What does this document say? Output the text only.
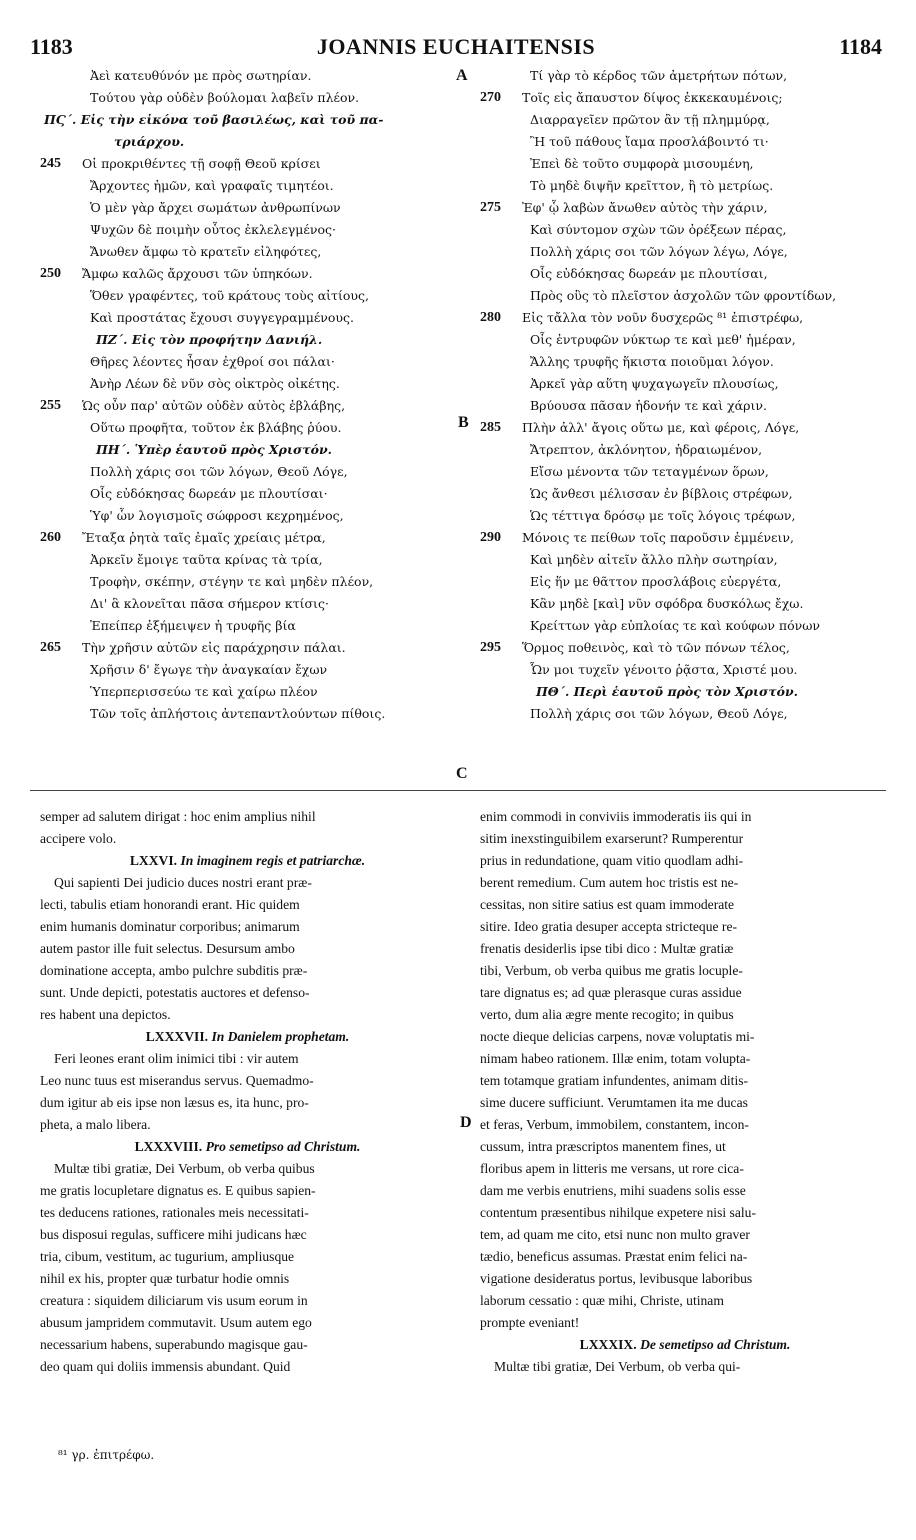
1183	JOANNIS EUCHAITENSIS	1184
Ἀεὶ κατευθύνόν με πρὸς σωτηρίαν.
Τούτου γὰρ οὐδὲν βούλομαι λαβεῖν πλέον.
ΠϚ΄. Εἰς τὴν εἰκόνα τοῦ βασιλέως, καὶ τοῦ πα-
τριάρχου.
245	Οἱ προκριθέντες τῇ σοφῇ Θεοῦ κρίσει
Ἄρχοντες ἡμῶν, καὶ γραφαῖς τιμητέοι.
Ὁ μὲν γὰρ ἄρχει σωμάτων ἀνθρωπίνων
Ψυχῶν δὲ ποιμὴν οὗτος ἐκλελεγμένος·
Ἄνωθεν ἄμφω τὸ κρατεῖν εἰληφότες,
250	Ἄμφω καλῶς ἄρχουσι τῶν ὑπηκόων.
Ὅθεν γραφέντες, τοῦ κράτους τοὺς αἰτίους,
Καὶ προστάτας ἔχουσι συγγεγραμμένους.
ΠΖ΄. Εἰς τὸν προφήτην Δανιήλ.
Θῆρες λέοντες ἦσαν ἐχθροί σοι πάλαι·
Ἀνὴρ Λέων δὲ νῦν σὸς οἰκτρὸς οἰκέτης.
255	Ὡς οὖν παρ' αὐτῶν οὐδὲν αὐτὸς ἐβλάβης,
Οὕτω προφῆτα, τοῦτον ἐκ βλάβης ῥύου.
ΠΗ΄. Ὑπὲρ ἑαυτοῦ πρὸς Χριστόν.
Πολλὴ χάρις σοι τῶν λόγων, Θεοῦ Λόγε,
Οἷς εὐδόκησας δωρεάν με πλουτίσαι·
Ὑφ' ὧν λογισμοῖς σώφροσι κεχρημένος,
260	Ἔταξα ῥητὰ ταῖς ἐμαῖς χρείαις μέτρα,
Ἀρκεῖν ἔμοιγε ταῦτα κρίνας τὰ τρία,
Τροφὴν, σκέπην, στέγην τε καὶ μηδὲν πλέον,
Δι' ἃ κλονεῖται πᾶσα σήμερον κτίσις·
Ἐπείπερ ἐξήμειψεν ἡ τρυφῆς βία
265	Τὴν χρῆσιν αὐτῶν εἰς παράχρησιν πάλαι.
Χρῆσιν δ' ἔγωγε τὴν ἀναγκαίαν ἔχων
Ὑπερπερισσεύω τε καὶ χαίρω πλέον
Τῶν τοῖς ἀπλήστοις ἀντεπαντλούντων πίθοις.
Τί γὰρ τὸ κέρδος τῶν ἀμετρήτων πότων,
270	Τοῖς εἰς ἄπαυστον δίψος ἐκκεκαυμένοις;
Διαρραγεῖεν πρῶτον ἂν τῇ πλημμύρᾳ,
Ἢ τοῦ πάθους ἴαμα προσλάβοιντό τι·
Ἐπεὶ δὲ τοῦτο συμφορὰ μισουμένη,
Τὸ μηδὲ διψῆν κρεῖττον, ἢ τὸ μετρίως.
275	Ἐφ' ᾧ λαβὼν ἄνωθεν αὐτὸς τὴν χάριν,
Καὶ σύντομον σχὼν τῶν ὀρέξεων πέρας,
Πολλὴ χάρις σοι τῶν λόγων λέγω, Λόγε,
Οἷς εὐδόκησας δωρεάν με πλουτίσαι,
Πρὸς οὓς τὸ πλεῖστον ἀσχολῶν τῶν φροντίδων,
280	Εἰς τἄλλα τὸν νοῦν δυσχερῶς ⁸¹ ἐπιστρέφω,
Οἷς ἐντρυφῶν νύκτωρ τε καὶ μεθ' ἡμέραν,
Ἄλλης τρυφῆς ἥκιστα ποιοῦμαι λόγον.
Ἀρκεῖ γὰρ αὕτη ψυχαγωγεῖν πλουσίως,
Βρύουσα πᾶσαν ἡδονήν τε καὶ χάριν.
285	Πλὴν ἀλλ' ἄγοις οὕτω με, καὶ φέροις, Λόγε,
Ἄτρεπτον, ἀκλόνητον, ἡδραιωμένον,
Εἴσω μένοντα τῶν τεταγμένων ὅρων,
Ὡς ἄνθεσι μέλισσαν ἐν βίβλοις στρέφων,
Ὡς τέττιγα δρόσῳ με τοῖς λόγοις τρέφων,
290	Μόνοις τε πείθων τοῖς παροῦσιν ἐμμένειν,
Καὶ μηδὲν αἰτεῖν ἄλλο πλὴν σωτηρίαν,
Εἰς ἥν με θᾶττον προσλάβοις εὐεργέτα,
Κἂν μηδὲ [καὶ] νῦν σφόδρα δυσκόλως ἔχω.
Κρείττων γὰρ εὐπλοίας τε καὶ κούφων πόνων
295	Ὅρμος ποθεινὸς, καὶ τὸ τῶν πόνων τέλος,
Ὧν μοι τυχεῖν γένοιτο ῥᾷστα, Χριστέ μου.
ΠΘ΄. Περὶ ἑαυτοῦ πρὸς τὸν Χριστόν.
Πολλὴ χάρις σοι τῶν λόγων, Θεοῦ Λόγε,
A
B
C
semper ad salutem dirigat : hoc enim amplius nihil
accipere volo.
LXXVI. In imaginem regis et patriarchæ.
Qui sapienti Dei judicio duces nostri erant præ-
lecti, tabulis etiam honorandi erant. Hic quidem
enim humanis dominatur corporibus; animarum
autem pastor ille fuit selectus. Desursum ambo
dominatione accepta, ambo pulchre subditis præ-
sunt. Unde depicti, potestatis auctores et defenso-
res habent una depictos.
LXXXVII. In Danielem prophetam.
Feri leones erant olim inimici tibi : vir autem
Leo nunc tuus est miserandus servus. Quemadmo-
dum igitur ab eis ipse non læsus es, ita hunc, pro-
pheta, a malo libera.
LXXXVIII. Pro semetipso ad Christum.
Multæ tibi gratiæ, Dei Verbum, ob verba quibus
me gratis locupletare dignatus es. E quibus sapien-
tes deducens rationes, rationales meis necessitati-
bus disposui regulas, sufficere mihi judicans hæc
tria, cibum, vestitum, ac tugurium, ampliusque
nihil ex his, propter quæ turbatur hodie omnis
creatura : siquidem diliciarum vis usum eorum in
abusum jampridem commutavit. Usum autem ego
necessarium habens, superabundo magisque gau-
deo quam qui doliis immensis abundant. Quid
enim commodi in conviviis immoderatis iis qui in
sitim inexstinguibilem exarserunt? Rumperentur
prius in redundatione, quam vitio quodlam adhi-
berent remedium. Cum autem hoc tristis est ne-
cessitas, non sitire satius est quam immoderate
sitire. Ideo gratia desuper accepta stricteque re-
frenatis desiderlis ipse tibi dico : Multæ gratiæ
tibi, Verbum, ob verba quibus me gratis locuple-
tare dignatus es; ad quæ plerasque curas assidue
verto, dum alia ægre mente recogito; in quibus
nocte dieque delicias carpens, novæ voluptatis mi-
nimam habeo rationem. Illæ enim, totam volupta-
tem totamque gratiam infundentes, animam ditis-
sime ducere sufficiunt. Verumtamen ita me ducas
et feras, Verbum, immobilem, constantem, incon-
cussum, intra præscriptos manentem fines, ut
floribus apem in litteris me versans, ut rore cica-
dam me verbis enutriens, mihi suadens solis esse
contentum præsentibus nihilque expetere nisi salu-
tem, ad quam me cito, etsi nunc non multo graver
tædio, beneficus assumas. Præstat enim felici na-
vigatione desideratus portus, levibusque laboribus
laborum cessatio : quæ mihi, Christe, utinam
prompte eveniant!
LXXXIX. De semetipso ad Christum.
Multæ tibi gratiæ, Dei Verbum, ob verba qui-
D
⁸¹ γρ. ἐπιτρέφω.
